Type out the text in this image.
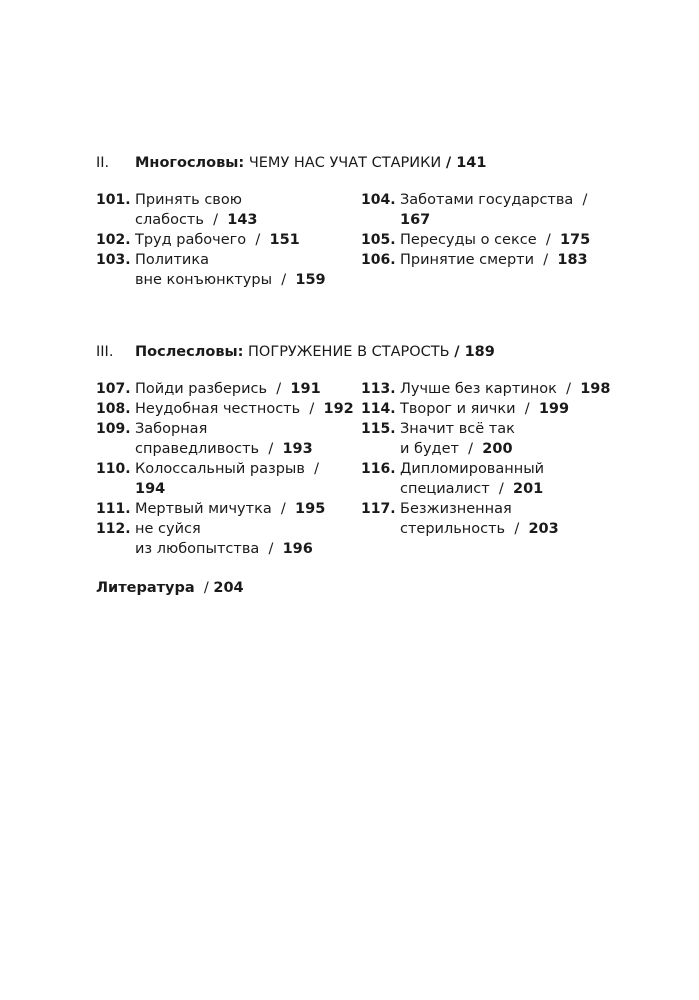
II. Многословы: ЧЕМУ НАС УЧАТ СТАРИКИ / 141
101. Принять свою
слабость  /  143
102. Труд рабочего  /  151
103. Политика
вне конъюнктуры  /  159
104. Заботами государства  /  167
105. Пересуды о сексе  /  175
106. Принятие смерти  /  183
III. Послесловы: ПОГРУЖЕНИЕ В СТАРОСТЬ / 189
107. Пойди разберись  /  191
108. Неудобная честность  /  192
109. Заборная
справедливость  /  193
110. Колоссальный разрыв  /  194
111. Мертвый мичутка  /  195
112. не суйся
из любопытства  /  196
113. Лучше без картинок  /  198
114. Творог и яички  /  199
115. Значит всё так
и будет  /  200
116. Дипломированный
специалист  /  201
117. Безжизненная
стерильность  /  203
Литература  / 204
